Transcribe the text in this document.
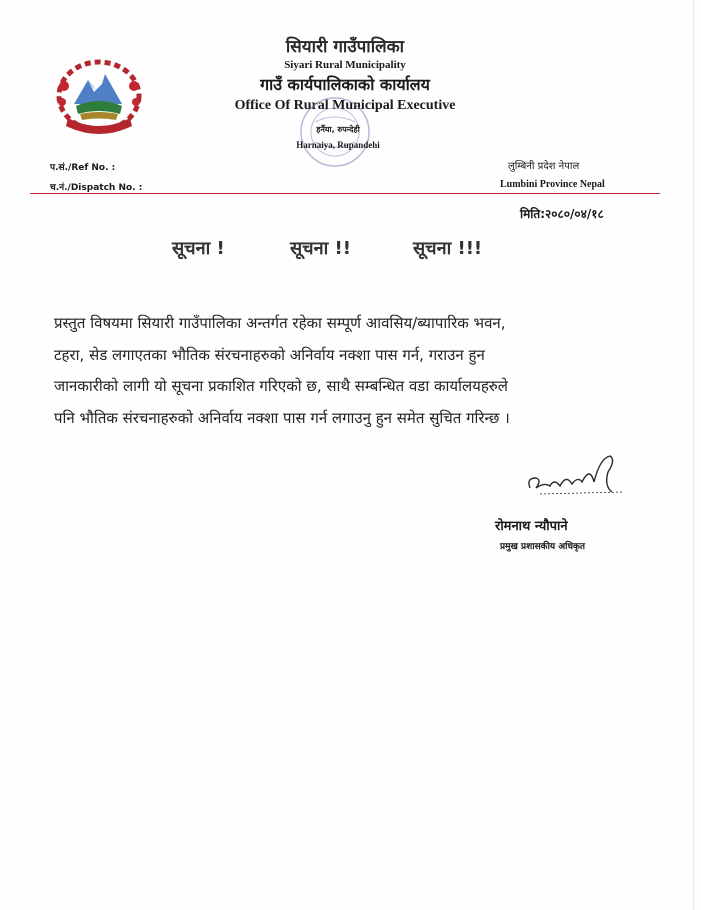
सियारी गाउँपालिका
Siyari Rural Municipality
गाउँ कार्यपालिकाको कार्यालय
Office Of Rural Municipal Executive
हर्नैया, रुपन्देही
Harnaiya, Rupandehi
प.सं./Ref No. :
च.नं./Dispatch No. :
लुम्बिनी प्रदेश नेपाल
Lumbini Province Nepal
मिति:२०८०/०४/१८
सूचना !	सूचना !!	सूचना !!!
प्रस्तुत विषयमा सियारी गाउँपालिका अन्तर्गत रहेका सम्पूर्ण आवसिय/ब्यापारिक भवन,
टहरा, सेड लगाएतका भौतिक संरचनाहरुको अनिर्वाय नक्शा पास गर्न, गराउन हुन
जानकारीको लागी यो सूचना प्रकाशित गरिएको छ, साथै सम्बन्धित वडा कार्यालयहरुले
पनि भौतिक संरचनाहरुको अनिर्वाय नक्शा पास गर्न लगाउनु हुन समेत सुचित गरिन्छ ।
रोमनाथ न्यौपाने
प्रमुख प्रशासकीय अधिकृत
